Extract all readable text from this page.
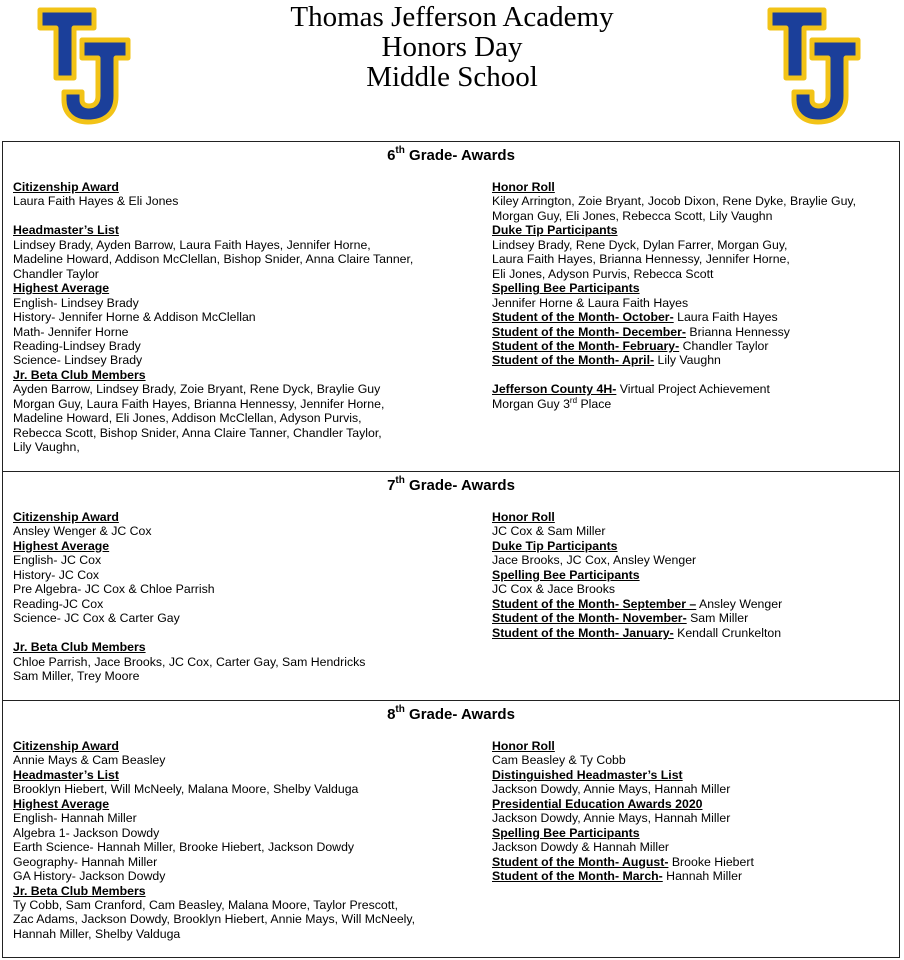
Thomas Jefferson Academy
Honors Day
Middle School
6th Grade- Awards
Citizenship Award
Laura Faith Hayes & Eli Jones
Headmaster’s List
Lindsey Brady, Ayden Barrow, Laura Faith Hayes, Jennifer Horne,
Madeline Howard, Addison McClellan, Bishop Snider, Anna Claire Tanner,
Chandler Taylor
Highest Average
English- Lindsey Brady
History- Jennifer Horne & Addison McClellan
Math- Jennifer Horne
Reading-Lindsey Brady
Science- Lindsey Brady
Jr. Beta Club Members
Ayden Barrow, Lindsey Brady, Zoie Bryant, Rene Dyck, Braylie Guy
Morgan Guy, Laura Faith Hayes, Brianna Hennessy, Jennifer Horne,
Madeline Howard, Eli Jones, Addison McClellan, Adyson Purvis,
Rebecca Scott, Bishop Snider, Anna Claire Tanner, Chandler Taylor,
Lily Vaughn,
Honor Roll
Kiley Arrington, Zoie Bryant, Jocob Dixon, Rene Dyke, Braylie Guy,
Morgan Guy, Eli Jones, Rebecca Scott, Lily Vaughn
Duke Tip Participants
Lindsey Brady, Rene Dyck, Dylan Farrer, Morgan Guy,
Laura Faith Hayes, Brianna Hennessy, Jennifer Horne,
Eli Jones, Adyson Purvis, Rebecca Scott
Spelling Bee Participants
Jennifer Horne & Laura Faith Hayes
Student of the Month- October- Laura Faith Hayes
Student of the Month- December- Brianna Hennessy
Student of the Month- February- Chandler Taylor
Student of the Month- April- Lily Vaughn
Jefferson County 4H- Virtual Project Achievement
Morgan Guy 3rd Place
7th Grade- Awards
Citizenship Award
Ansley Wenger & JC Cox
Highest Average
English- JC Cox
History- JC Cox
Pre Algebra- JC Cox & Chloe Parrish
Reading-JC Cox
Science- JC Cox & Carter Gay
Jr. Beta Club Members
Chloe Parrish, Jace Brooks, JC Cox, Carter Gay, Sam Hendricks
Sam Miller, Trey Moore
Honor Roll
JC Cox & Sam Miller
Duke Tip Participants
Jace Brooks, JC Cox, Ansley Wenger
Spelling Bee Participants
JC Cox & Jace Brooks
Student of the Month- September – Ansley Wenger
Student of the Month- November- Sam Miller
Student of the Month- January- Kendall Crunkelton
8th Grade- Awards
Citizenship Award
Annie Mays & Cam Beasley
Headmaster’s List
Brooklyn Hiebert, Will McNeely, Malana Moore, Shelby Valduga
Highest Average
English- Hannah Miller
Algebra 1- Jackson Dowdy
Earth Science- Hannah Miller, Brooke Hiebert, Jackson Dowdy
Geography- Hannah Miller
GA History- Jackson Dowdy
Jr. Beta Club Members
Ty Cobb, Sam Cranford, Cam Beasley, Malana Moore, Taylor Prescott,
Zac Adams, Jackson Dowdy, Brooklyn Hiebert, Annie Mays, Will McNeely,
Hannah Miller, Shelby Valduga
Honor Roll
Cam Beasley & Ty Cobb
Distinguished Headmaster’s List
Jackson Dowdy, Annie Mays, Hannah Miller
Presidential Education Awards 2020
Jackson Dowdy, Annie Mays, Hannah Miller
Spelling Bee Participants
Jackson Dowdy & Hannah Miller
Student of the Month- August- Brooke Hiebert
Student of the Month- March- Hannah Miller
